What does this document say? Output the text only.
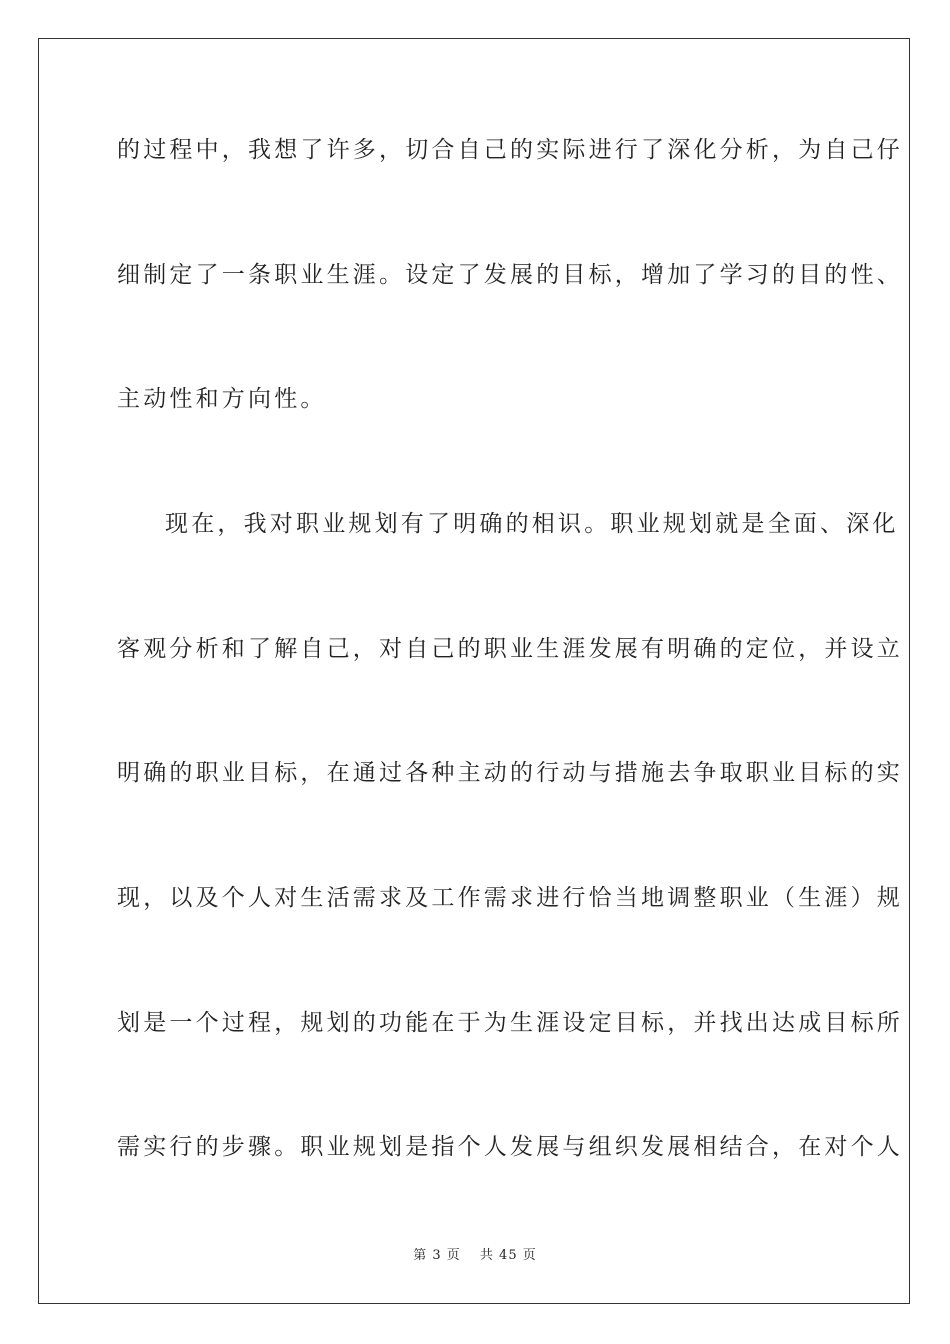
的过程中，我想了许多，切合自己的实际进行了深化分析，为自己仔
细制定了一条职业生涯。设定了发展的目标，增加了学习的目的性、
主动性和方向性。
现在，我对职业规划有了明确的相识。职业规划就是全面、深化
客观分析和了解自己，对自己的职业生涯发展有明确的定位，并设立
明确的职业目标，在通过各种主动的行动与措施去争取职业目标的实
现，以及个人对生活需求及工作需求进行恰当地调整职业（生涯）规
划是一个过程，规划的功能在于为生涯设定目标，并找出达成目标所
需实行的步骤。职业规划是指个人发展与组织发展相结合，在对个人
第 3 页　 共 45 页
